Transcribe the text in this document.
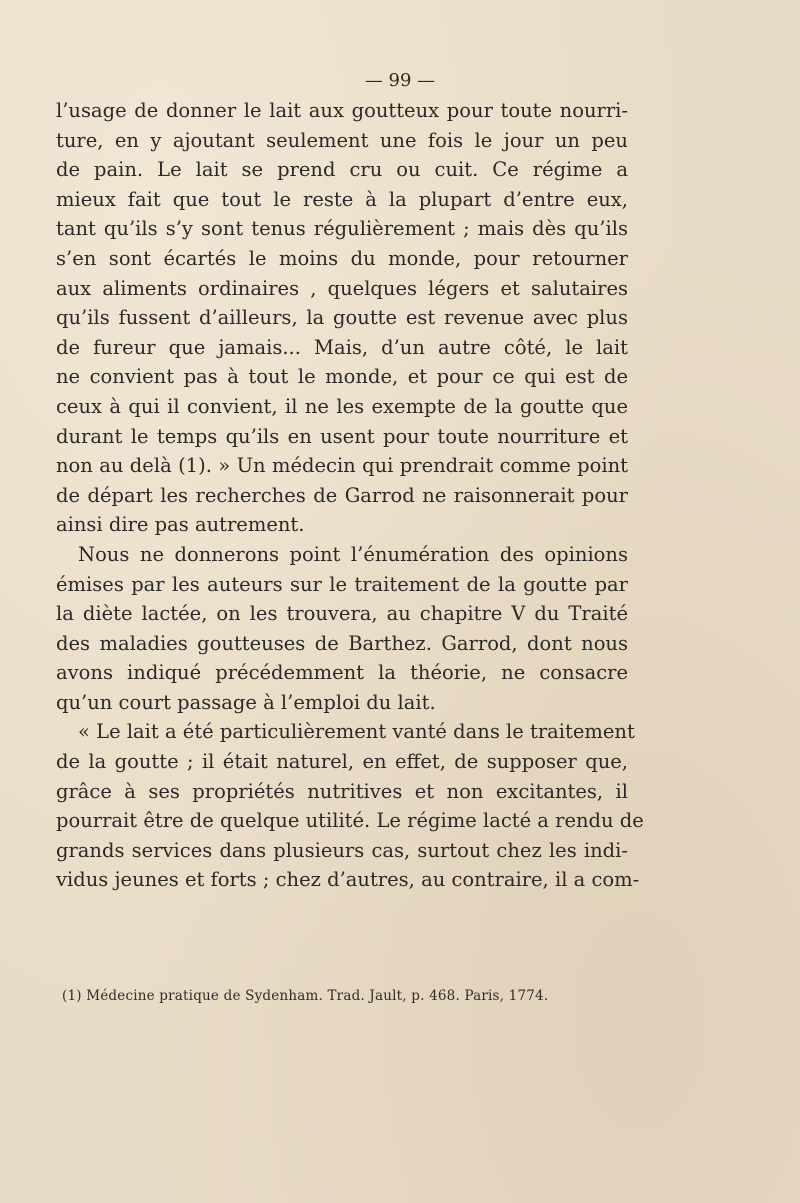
— 99 —
l’usage de donner le lait aux goutteux pour toute nourri-
ture, en y ajoutant seulement une fois le jour un peu
de pain. Le lait se prend cru ou cuit. Ce régime a
mieux fait que tout le reste à la plupart d’entre eux,
tant qu’ils s’y sont tenus régulièrement ; mais dès qu’ils
s’en sont écartés le moins du monde, pour retourner
aux aliments ordinaires , quelques légers et salutaires
qu’ils fussent d’ailleurs, la goutte est revenue avec plus
de fureur que jamais... Mais, d’un autre côté, le lait
ne convient pas à tout le monde, et pour ce qui est de
ceux à qui il convient, il ne les exempte de la goutte que
durant le temps qu’ils en usent pour toute nourriture et
non au delà (1). » Un médecin qui prendrait comme point
de départ les recherches de Garrod ne raisonnerait pour
ainsi dire pas autrement.
Nous ne donnerons point l’énumération des opinions
émises par les auteurs sur le traitement de la goutte par
la diète lactée, on les trouvera, au chapitre V du Traité
des maladies goutteuses de Barthez. Garrod, dont nous
avons indiqué précédemment la théorie, ne consacre
qu’un court passage à l’emploi du lait.
« Le lait a été particulièrement vanté dans le traitement
de la goutte ; il était naturel, en effet, de supposer que,
grâce à ses propriétés nutritives et non excitantes, il
pourrait être de quelque utilité. Le régime lacté a rendu de
grands services dans plusieurs cas, surtout chez les indi-
vidus jeunes et forts ; chez d’autres, au contraire, il a com-
(1) Médecine pratique de Sydenham. Trad. Jault, p. 468. Paris, 1774.
